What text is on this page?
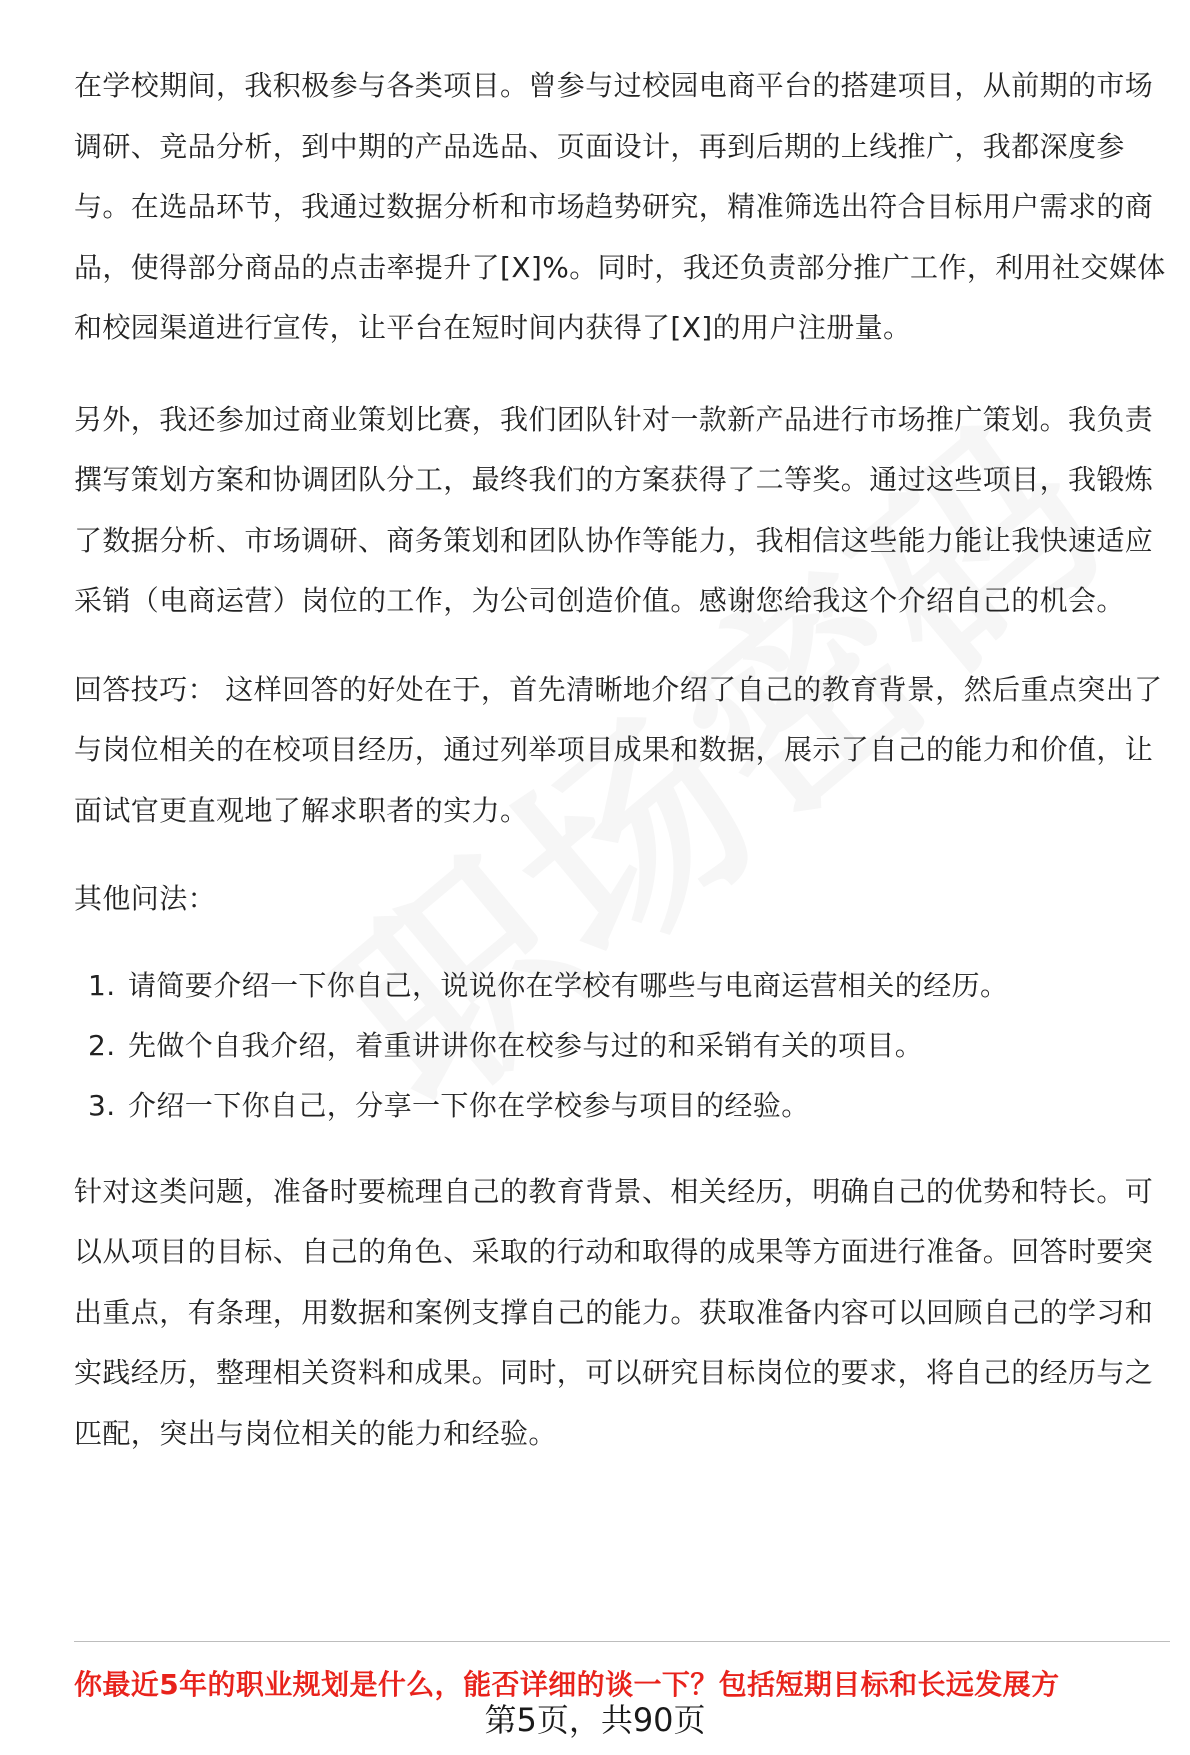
在学校期间，我积极参与各类项目。曾参与过校园电商平台的搭建项目，从前期的市场调研、竞品分析，到中期的产品选品、页面设计，再到后期的上线推广，我都深度参与。在选品环节，我通过数据分析和市场趋势研究，精准筛选出符合目标用户需求的商品，使得部分商品的点击率提升了[X]%。同时，我还负责部分推广工作，利用社交媒体和校园渠道进行宣传，让平台在短时间内获得了[X]的用户注册量。

另外，我还参加过商业策划比赛，我们团队针对一款新产品进行市场推广策划。我负责撰写策划方案和协调团队分工，最终我们的方案获得了二等奖。通过这些项目，我锻炼了数据分析、市场调研、商务策划和团队协作等能力，我相信这些能力能让我快速适应采销（电商运营）岗位的工作，为公司创造价值。感谢您给我这个介绍自己的机会。

回答技巧： 这样回答的好处在于，首先清晰地介绍了自己的教育背景，然后重点突出了与岗位相关的在校项目经历，通过列举项目成果和数据，展示了自己的能力和价值，让面试官更直观地了解求职者的实力。

其他问法：

1. 请简要介绍一下你自己，说说你在学校有哪些与电商运营相关的经历。
2. 先做个自我介绍，着重讲讲你在校参与过的和采销有关的项目。
3. 介绍一下你自己，分享一下你在学校参与项目的经验。

针对这类问题，准备时要梳理自己的教育背景、相关经历，明确自己的优势和特长。可以从项目的目标、自己的角色、采取的行动和取得的成果等方面进行准备。回答时要突出重点，有条理，用数据和案例支撑自己的能力。获取准备内容可以回顾自己的学习和实践经历，整理相关资料和成果。同时，可以研究目标岗位的要求，将自己的经历与之匹配，突出与岗位相关的能力和经验。

你最近5年的职业规划是什么，能否详细的谈一下？包括短期目标和长远发展方
第5页，共90页
